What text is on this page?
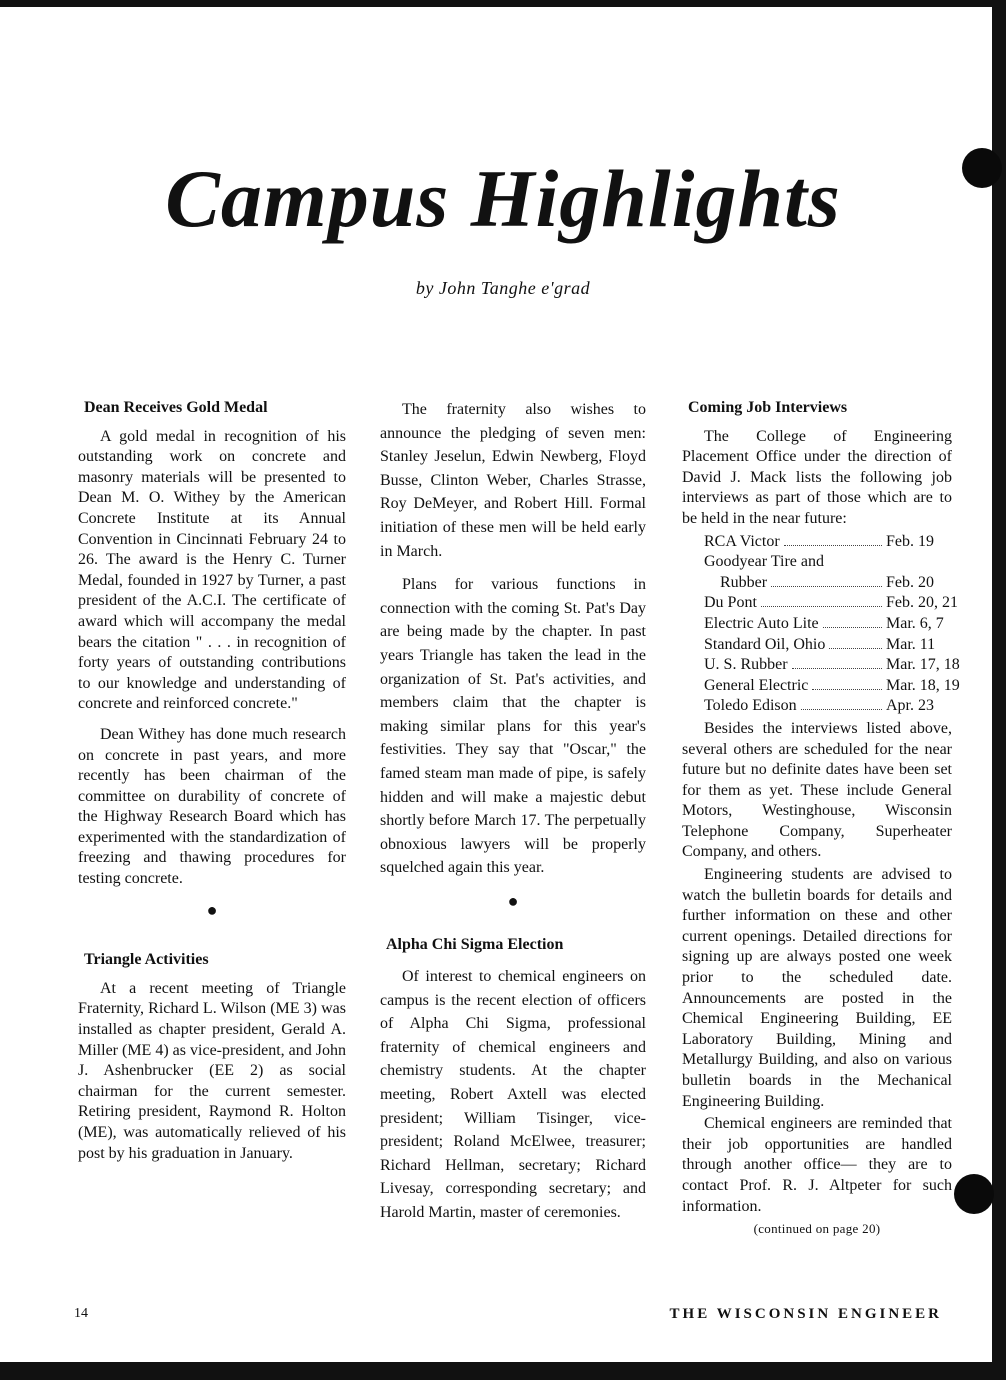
Campus Highlights
by John Tanghe e'grad
Dean Receives Gold Medal

A gold medal in recognition of his outstanding work on concrete and masonry materials will be presented to Dean M. O. Withey by the American Concrete Institute at its Annual Convention in Cincinnati February 24 to 26. The award is the Henry C. Turner Medal, founded in 1927 by Turner, a past president of the A.C.I. The certificate of award which will accompany the medal bears the citation " . . . in recognition of forty years of outstanding contributions to our knowledge and understanding of concrete and reinforced concrete."

Dean Withey has done much research on concrete in past years, and more recently has been chairman of the committee on durability of concrete of the Highway Research Board which has experimented with the standardization of freezing and thawing procedures for testing concrete.

●
Triangle Activities

At a recent meeting of Triangle Fraternity, Richard L. Wilson (ME 3) was installed as chapter president, Gerald A. Miller (ME 4) as vice-president, and John J. Ashenbrucker (EE 2) as social chairman for the current semester. Retiring president, Raymond R. Holton (ME), was automatically relieved of his post by his graduation in January.

The fraternity also wishes to announce the pledging of seven men: Stanley Jeselun, Edwin Newberg, Floyd Busse, Clinton Weber, Charles Strasse, Roy DeMeyer, and Robert Hill. Formal initiation of these men will be held early in March.

Plans for various functions in connection with the coming St. Pat's Day are being made by the chapter. In past years Triangle has taken the lead in the organization of St. Pat's activities, and members claim that the chapter is making similar plans for this year's festivities. They say that "Oscar," the famed steam man made of pipe, is safely hidden and will make a majestic debut shortly before March 17. The perpetually obnoxious lawyers will be properly squelched again this year.

●
Alpha Chi Sigma Election

Of interest to chemical engineers on campus is the recent election of officers of Alpha Chi Sigma, professional fraternity of chemical engineers and chemistry students. At the chapter meeting, Robert Axtell was elected president; William Tisinger, vice-president; Roland McElwee, treasurer; Richard Hellman, secretary; Richard Livesay, corresponding secretary; and Harold Martin, master of ceremonies.

Coming Job Interviews

The College of Engineering Placement Office under the direction of David J. Mack lists the following job interviews as part of those which are to be held in the near future:

RCA Victor	Feb. 19
Goodyear Tire and
Rubber	Feb. 20
Du Pont	Feb. 20, 21
Electric Auto Lite	Mar. 6, 7
Standard Oil, Ohio	Mar. 11
U. S. Rubber	Mar. 17, 18
General Electric	Mar. 18, 19
Toledo Edison	Apr. 23

Besides the interviews listed above, several others are scheduled for the near future but no definite dates have been set for them as yet. These include General Motors, Westinghouse, Wisconsin Telephone Company, Superheater Company, and others.

Engineering students are advised to watch the bulletin boards for details and further information on these and other current openings. Detailed directions for signing up are always posted one week prior to the scheduled date. Announcements are posted in the Chemical Engineering Building, EE Laboratory Building, Mining and Metallurgy Building, and also on various bulletin boards in the Mechanical Engineering Building.

Chemical engineers are reminded that their job opportunities are handled through another office— they are to contact Prof. R. J. Altpeter for such information.

(continued on page 20)
14	THE WISCONSIN ENGINEER
